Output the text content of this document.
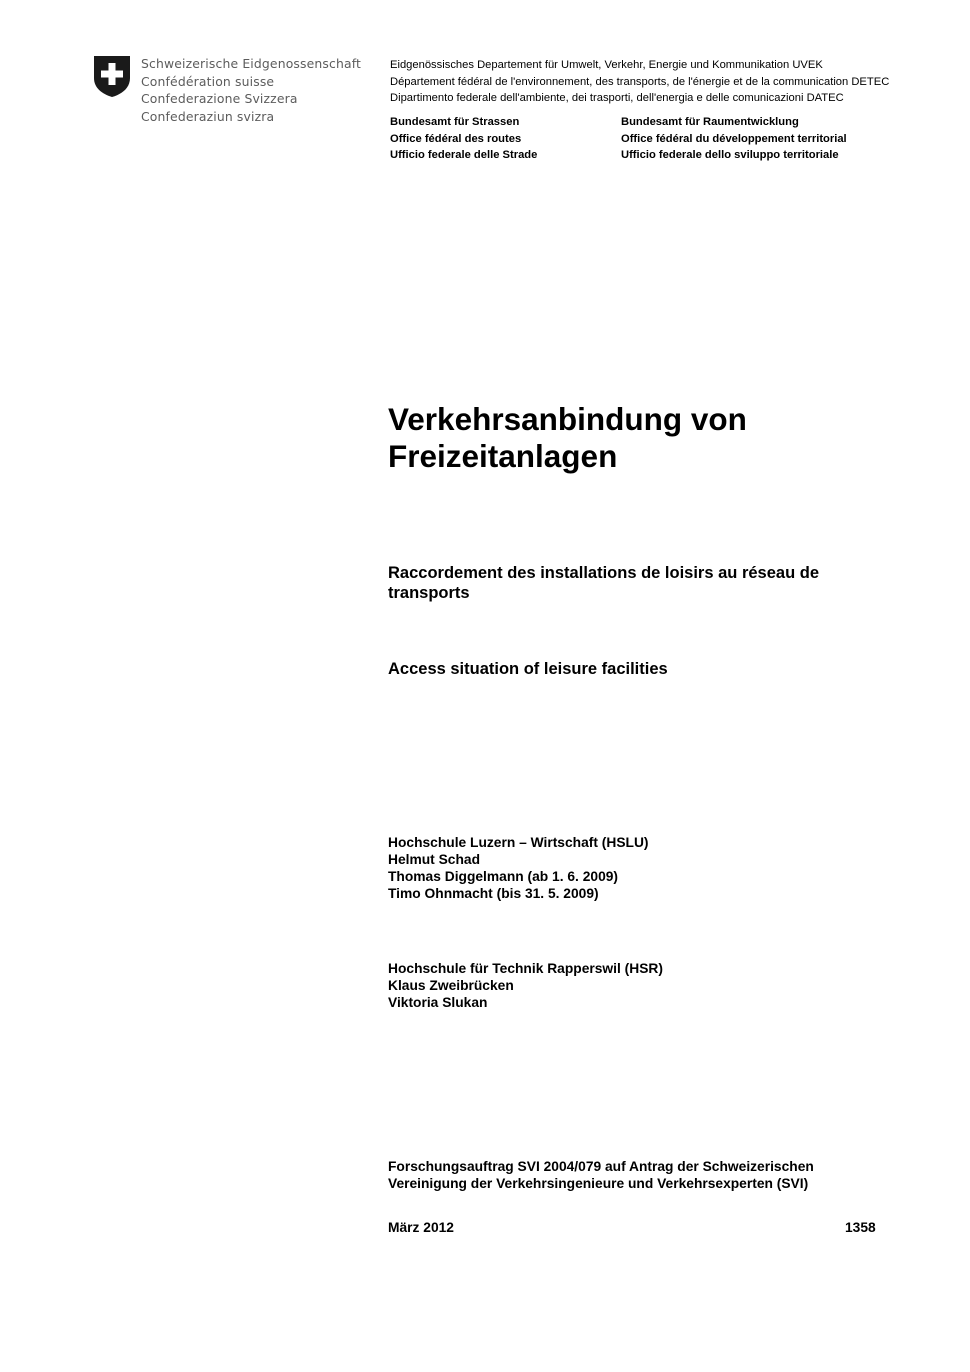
Schweizerische Eidgenossenschaft
Confédération suisse
Confederazione Svizzera
Confederaziun svizra
Eidgenössisches Departement für Umwelt, Verkehr, Energie und Kommunikation UVEK
Département fédéral de l'environnement, des transports, de l'énergie et de la communication DETEC
Dipartimento federale dell'ambiente, dei trasporti, dell'energia e delle comunicazioni DATEC
Bundesamt für Strassen
Office fédéral des routes
Ufficio federale delle Strade
Bundesamt für Raumentwicklung
Office fédéral du développement territorial
Ufficio federale dello sviluppo territoriale
Verkehrsanbindung von
Freizeitanlagen
Raccordement des installations de loisirs au réseau de transports
Access situation of leisure facilities
Hochschule Luzern – Wirtschaft (HSLU)
Helmut Schad
Thomas Diggelmann (ab 1. 6. 2009)
Timo Ohnmacht (bis 31. 5. 2009)
Hochschule für Technik Rapperswil (HSR)
Klaus Zweibrücken
Viktoria Slukan
Forschungsauftrag SVI 2004/079 auf Antrag der Schweizerischen Vereinigung der Verkehrsingenieure und Verkehrsexperten (SVI)
März 2012	1358
